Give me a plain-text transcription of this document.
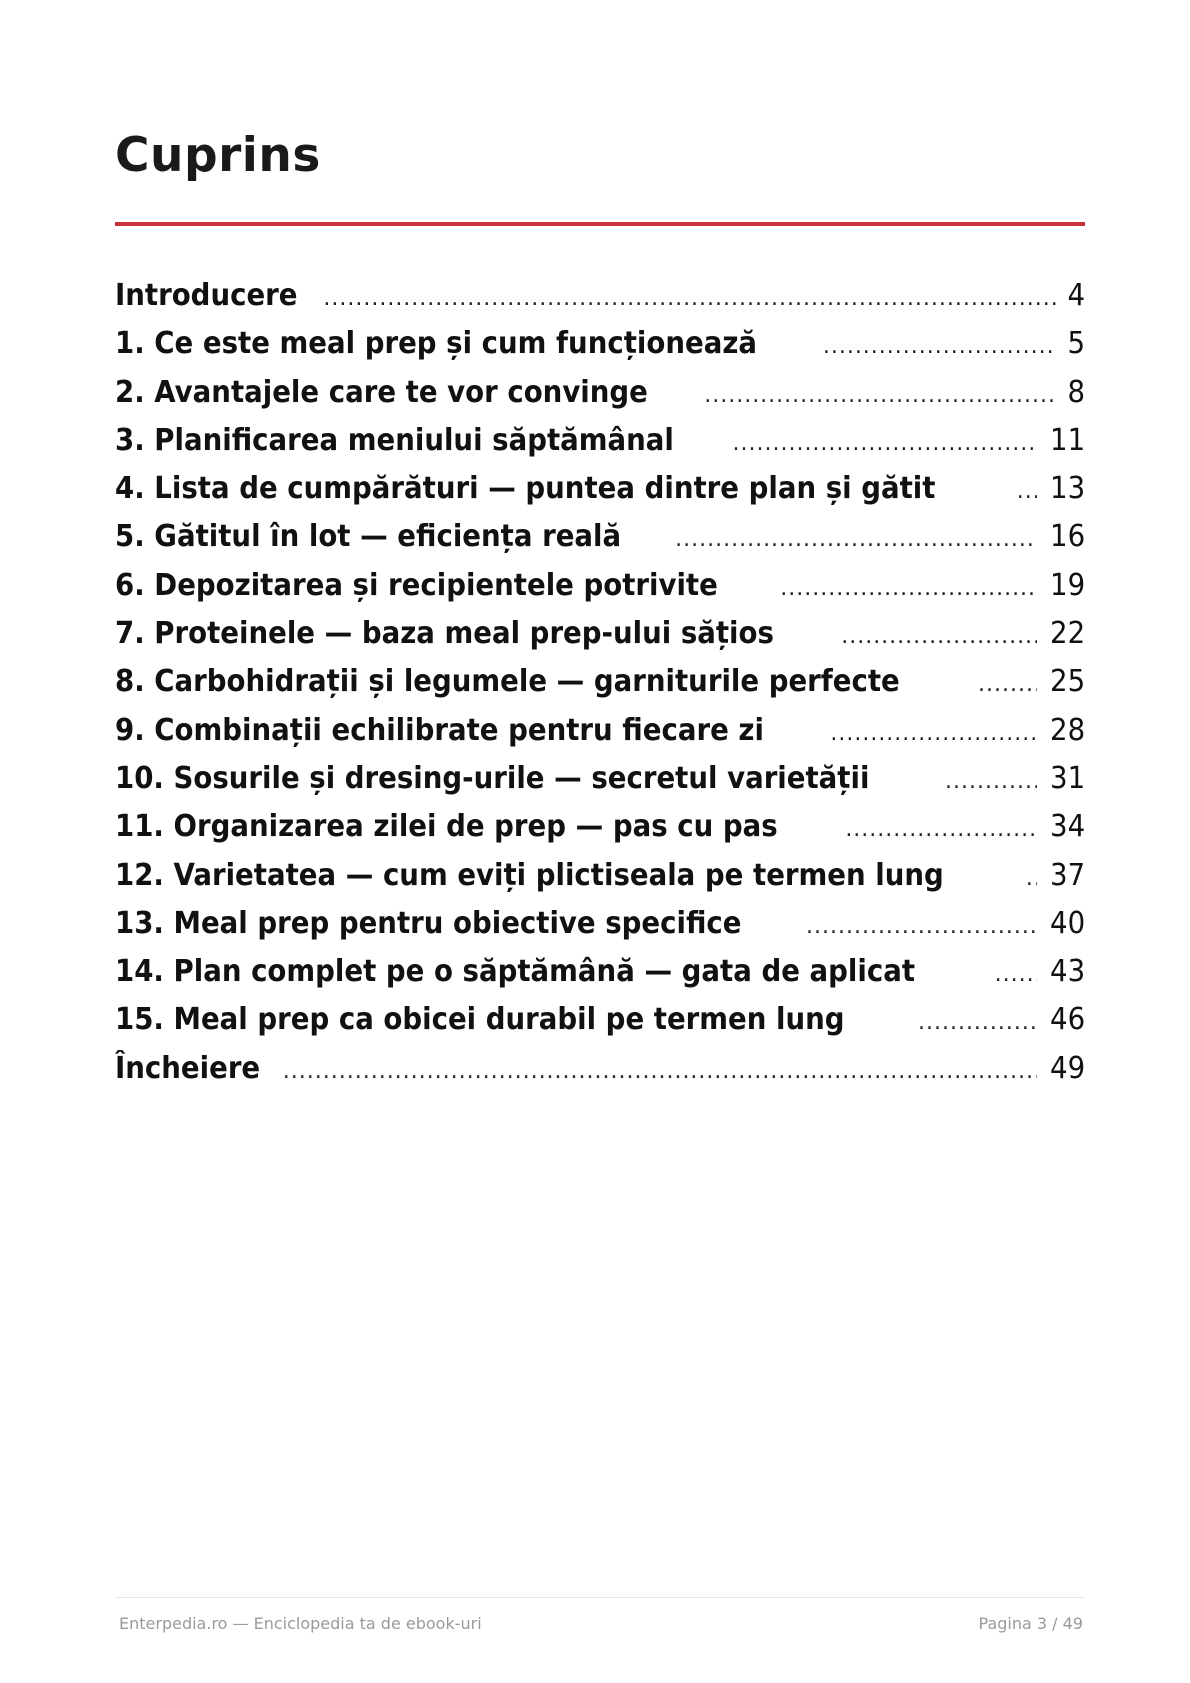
Cuprins
Introducere .....	4
1. Ce este meal prep și cum funcționează .....	5
2. Avantajele care te vor convinge .....	8
3. Planificarea meniului săptămânal .....	11
4. Lista de cumpărături — puntea dintre plan și gătit .....	13
5. Gătitul în lot — eficiența reală .....	16
6. Depozitarea și recipientele potrivite .....	19
7. Proteinele — baza meal prep-ului sățios .....	22
8. Carbohidrații și legumele — garniturile perfecte .....	25
9. Combinații echilibrate pentru fiecare zi .....	28
10. Sosurile și dresing-urile — secretul varietății .....	31
11. Organizarea zilei de prep — pas cu pas .....	34
12. Varietatea — cum eviți plictiseala pe termen lung .....	37
13. Meal prep pentru obiective specifice .....	40
14. Plan complet pe o săptămână — gata de aplicat .....	43
15. Meal prep ca obicei durabil pe termen lung .....	46
Încheiere .....	49
Enterpedia.ro — Enciclopedia ta de ebook-uri	Pagina 3 / 49
